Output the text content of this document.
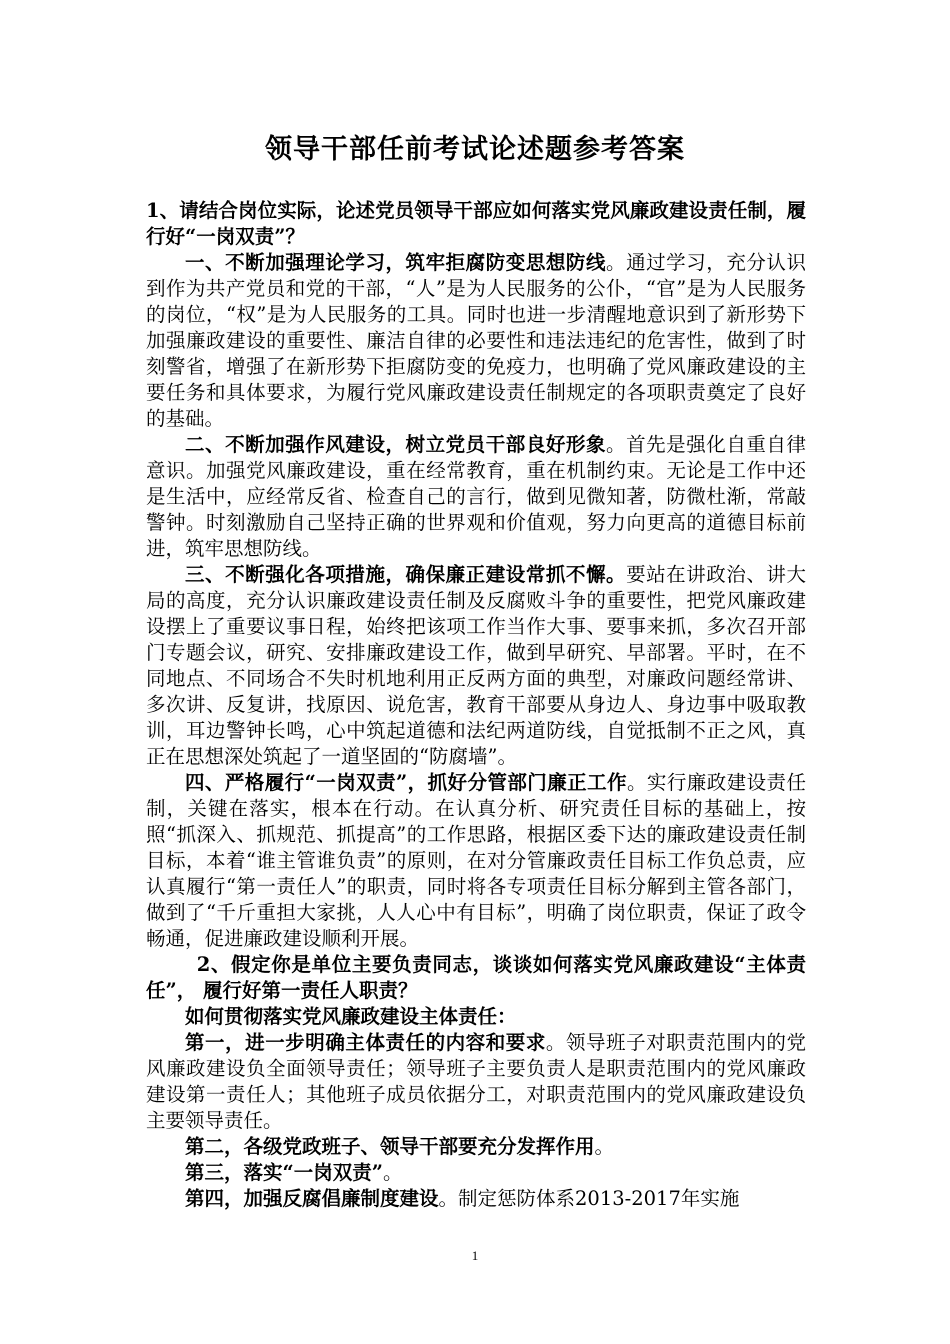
领导干部任前考试论述题参考答案

1、请结合岗位实际，论述党员领导干部应如何落实党风廉政建设责任制，履行好“一岗双责”？

一、不断加强理论学习，筑牢拒腐防变思想防线。通过学习，充分认识到作为共产党员和党的干部，“人”是为人民服务的公仆，“官”是为人民服务的岗位，“权”是为人民服务的工具。同时也进一步清醒地意识到了新形势下加强廉政建设的重要性、廉洁自律的必要性和违法违纪的危害性，做到了时刻警省，增强了在新形势下拒腐防变的免疫力，也明确了党风廉政建设的主要任务和具体要求，为履行党风廉政建设责任制规定的各项职责奠定了良好的基础。

二、不断加强作风建设，树立党员干部良好形象。首先是强化自重自律意识。加强党风廉政建设，重在经常教育，重在机制约束。无论是工作中还是生活中，应经常反省、检查自己的言行，做到见微知著，防微杜渐，常敲警钟。时刻激励自己坚持正确的世界观和价值观，努力向更高的道德目标前进，筑牢思想防线。

三、不断强化各项措施，确保廉正建设常抓不懈。要站在讲政治、讲大局的高度，充分认识廉政建设责任制及反腐败斗争的重要性，把党风廉政建设摆上了重要议事日程，始终把该项工作当作大事、要事来抓，多次召开部门专题会议，研究、安排廉政建设工作，做到早研究、早部署。平时，在不同地点、不同场合不失时机地利用正反两方面的典型，对廉政问题经常讲、多次讲、反复讲，找原因、说危害，教育干部要从身边人、身边事中吸取教训，耳边警钟长鸣，心中筑起道德和法纪两道防线，自觉抵制不正之风，真正在思想深处筑起了一道坚固的“防腐墙”。

四、严格履行“一岗双责”，抓好分管部门廉正工作。实行廉政建设责任制，关键在落实，根本在行动。在认真分析、研究责任目标的基础上，按照“抓深入、抓规范、抓提高”的工作思路，根据区委下达的廉政建设责任制目标，本着“谁主管谁负责”的原则，在对分管廉政责任目标工作负总责，应认真履行“第一责任人”的职责，同时将各专项责任目标分解到主管各部门，做到了“千斤重担大家挑，人人心中有目标”，明确了岗位职责，保证了政令畅通，促进廉政建设顺利开展。

2、假定你是单位主要负责同志，谈谈如何落实党风廉政建设“主体责任”， 履行好第一责任人职责？

如何贯彻落实党风廉政建设主体责任：

第一，进一步明确主体责任的内容和要求。领导班子对职责范围内的党风廉政建设负全面领导责任；领导班子主要负责人是职责范围内的党风廉政建设第一责任人；其他班子成员依据分工，对职责范围内的党风廉政建设负主要领导责任。

第二，各级党政班子、领导干部要充分发挥作用。

第三，落实“一岗双责”。

第四，加强反腐倡廉制度建设。制定惩防体系2013-2017年实施

1
